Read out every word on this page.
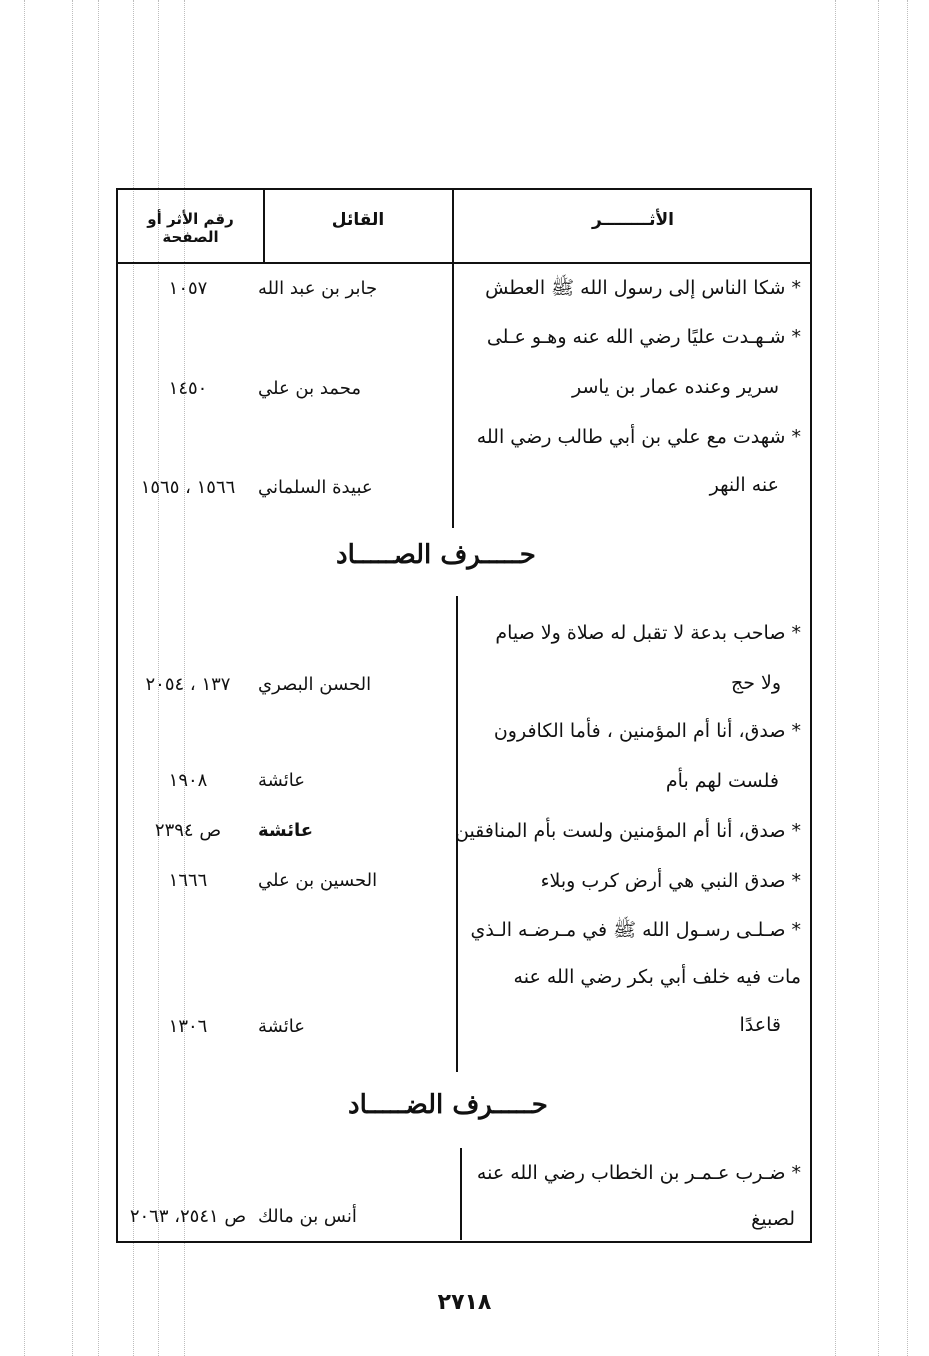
الأثــــــــر
القائل
رقم الأثر أو الصفحة
* شكا الناس إلى رسول الله ﷺ العطش
جابر بن عبد الله
١٠٥٧
* شـهـدت عليًا رضي الله عنه وهـو عـلى
سرير وعنده عمار بن ياسر
محمد بن علي
١٤٥٠
* شهدت مع علي بن أبي طالب رضي الله
عنه النهر
عبيدة السلماني
١٥٦٦ ، ١٥٦٥
حـــــرف الصـــــاد
* صاحب بدعة لا تقبل له صلاة ولا صيام
ولا حج
الحسن البصري
١٣٧ ، ٢٠٥٤
* صدق، أنا أم المؤمنين ، فأما الكافرون
فلست لهم بأم
عائشة
١٩٠٨
* صدق، أنا أم المؤمنين ولست بأم المنافقين
عائشة
ص ٢٣٩٤
* صدق النبي هي أرض كرب وبلاء
الحسين بن علي
١٦٦٦
* صـلـى رسـول الله ﷺ في مـرضـه الـذي
مات فيه خلف أبي بكر رضي الله عنه
قاعدًا
عائشة
١٣٠٦
حـــــرف الضـــــاد
* ضـرب عـمـر بن الخطاب رضي الله عنه
لصبيغ
أنس بن مالك
ص ٢٥٤١، ٢٠٦٣
٢٧١٨
